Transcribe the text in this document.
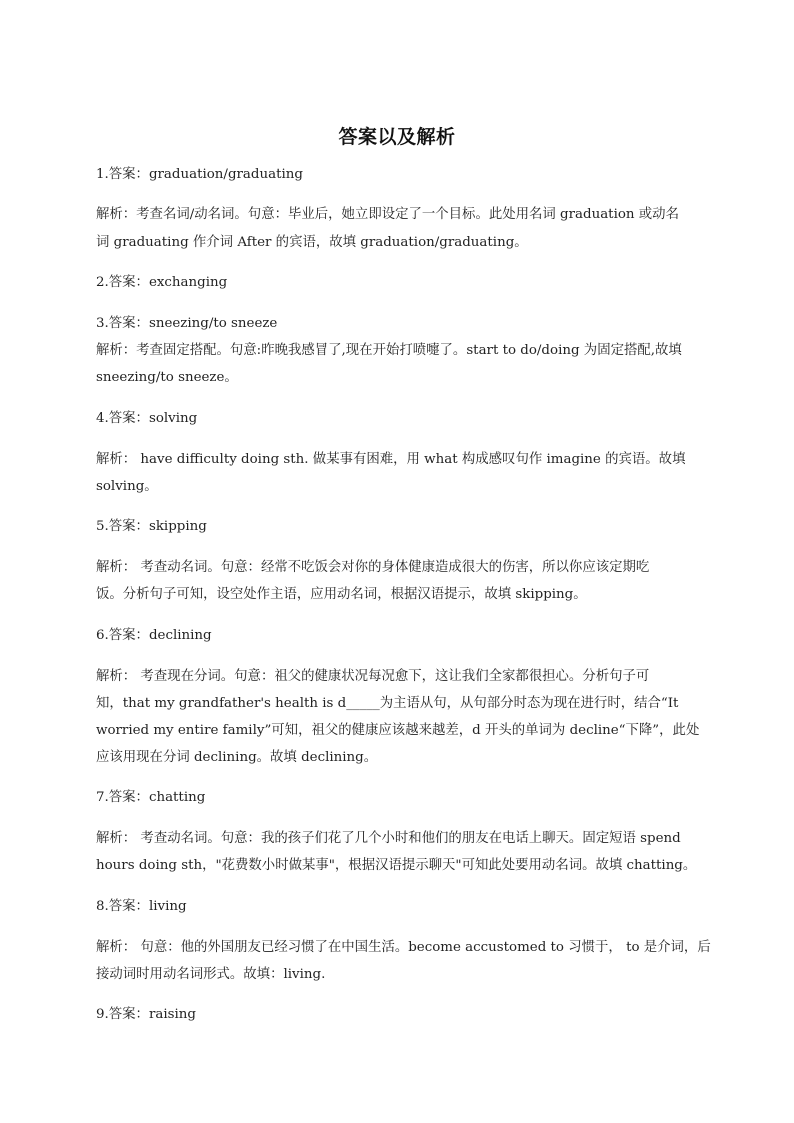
答案以及解析
1.答案：graduation/graduating
解析：考查名词/动名词。句意：毕业后，她立即设定了一个目标。此处用名词 graduation 或动名
词 graduating 作介词 After 的宾语，故填 graduation/graduating。
2.答案：exchanging
3.答案：sneezing/to sneeze
解析：考查固定搭配。句意:昨晚我感冒了,现在开始打喷嚏了。start to do/doing 为固定搭配,故填
sneezing/to sneeze。
4.答案：solving
解析： have difficulty doing sth. 做某事有困难，用 what 构成感叹句作 imagine 的宾语。故填
solving。
5.答案：skipping
解析： 考查动名词。句意：经常不吃饭会对你的身体健康造成很大的伤害，所以你应该定期吃
饭。分析句子可知，设空处作主语，应用动名词，根据汉语提示，故填 skipping。
6.答案：declining
解析： 考查现在分词。句意：祖父的健康状况每况愈下，这让我们全家都很担心。分析句子可
知，that my grandfather's health is d_____为主语从句，从句部分时态为现在进行时，结合“It
worried my entire family”可知，祖父的健康应该越来越差，d 开头的单词为 decline“下降”，此处
应该用现在分词 declining。故填 declining。
7.答案：chatting
解析： 考查动名词。句意：我的孩子们花了几个小时和他们的朋友在电话上聊天。固定短语 spend
hours doing sth，"花费数小时做某事"，根据汉语提示聊天"可知此处要用动名词。故填 chatting。
8.答案：living
解析： 句意：他的外国朋友已经习惯了在中国生活。become accustomed to 习惯于， to 是介词，后
接动词时用动名词形式。故填：living.
9.答案：raising
